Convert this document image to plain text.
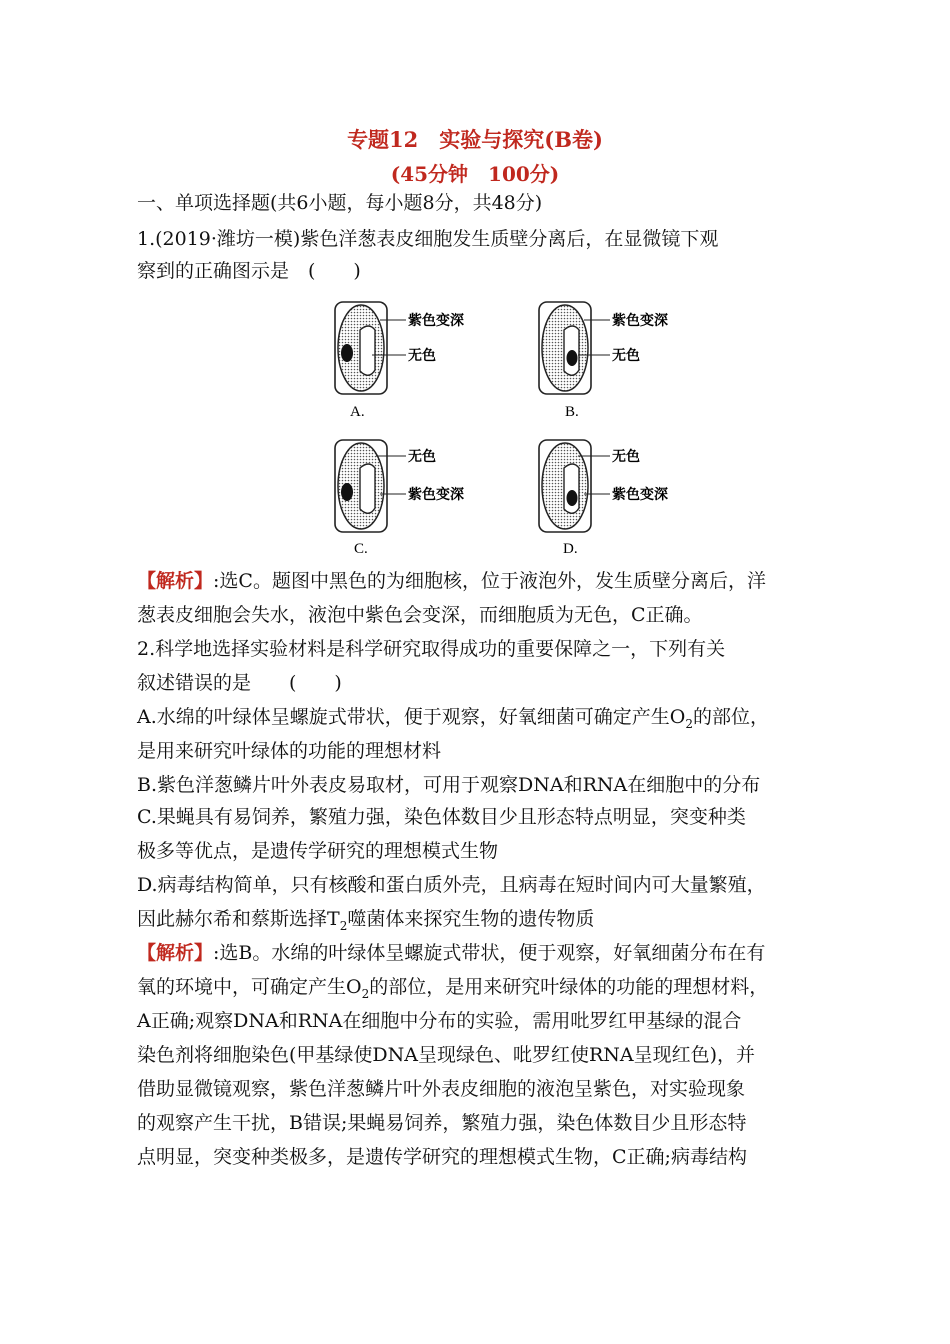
专题12　实验与探究(B卷)
(45分钟　100分)
一、单项选择题(共6小题，每小题8分，共48分)
1.(2019·潍坊一模)紫色洋葱表皮细胞发生质壁分离后，在显微镜下观
察到的正确图示是　(　　)
紫色变深
无色
A.
紫色变深
无色
B.
无色
紫色变深
C.
无色
紫色变深
D.
【解析】:选C。题图中黑色的为细胞核，位于液泡外，发生质壁分离后，洋
葱表皮细胞会失水，液泡中紫色会变深，而细胞质为无色，C正确。
2.科学地选择实验材料是科学研究取得成功的重要保障之一，下列有关
叙述错误的是　　(　　)
A.水绵的叶绿体呈螺旋式带状，便于观察，好氧细菌可确定产生$O_2$的部位，
是用来研究叶绿体的功能的理想材料
B.紫色洋葱鳞片叶外表皮易取材，可用于观察DNA和RNA在细胞中的分布
C.果蝇具有易饲养，繁殖力强，染色体数目少且形态特点明显，突变种类
极多等优点，是遗传学研究的理想模式生物
D.病毒结构简单，只有核酸和蛋白质外壳，且病毒在短时间内可大量繁殖，
因此赫尔希和蔡斯选择$T_2$噬菌体来探究生物的遗传物质
【解析】:选B。水绵的叶绿体呈螺旋式带状，便于观察，好氧细菌分布在有
氧的环境中，可确定产生$O_2$的部位，是用来研究叶绿体的功能的理想材料，
A正确;观察DNA和RNA在细胞中分布的实验，需用吡罗红甲基绿的混合
染色剂将细胞染色(甲基绿使DNA呈现绿色、吡罗红使RNA呈现红色)，并
借助显微镜观察，紫色洋葱鳞片叶外表皮细胞的液泡呈紫色，对实验现象
的观察产生干扰，B错误;果蝇易饲养，繁殖力强，染色体数目少且形态特
点明显，突变种类极多，是遗传学研究的理想模式生物，C正确;病毒结构
